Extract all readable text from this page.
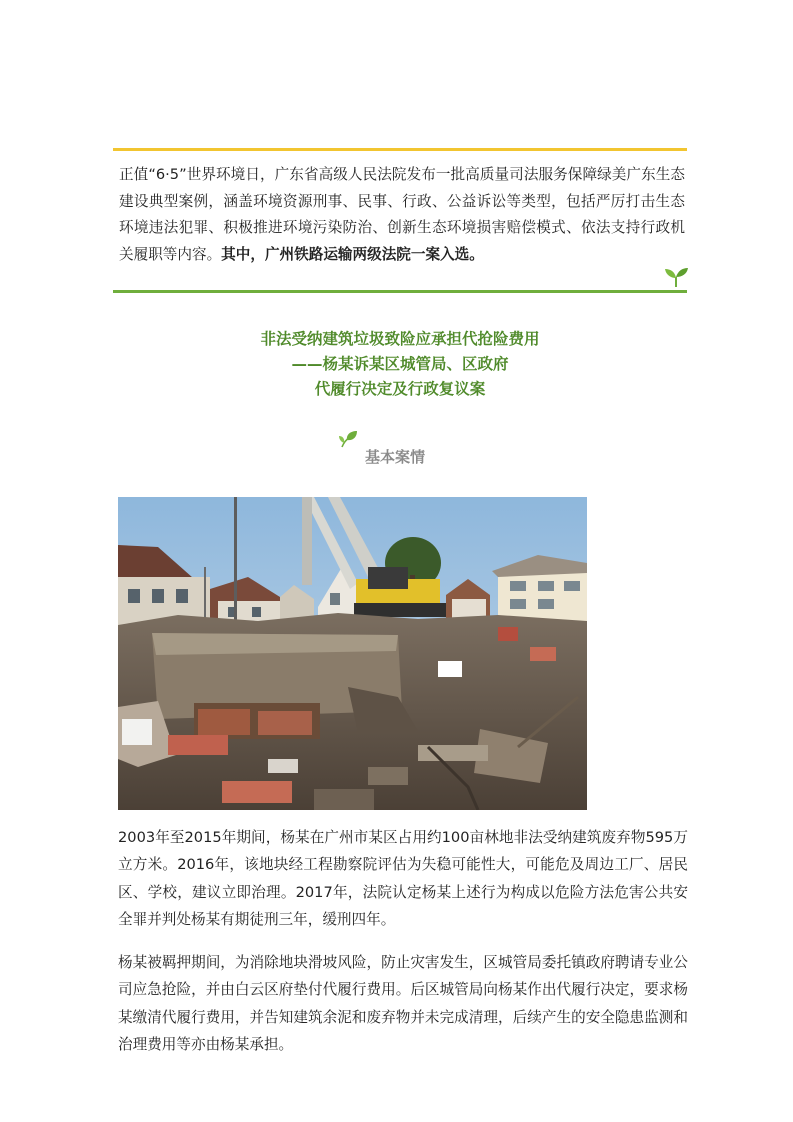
正值“6·5”世界环境日，广东省高级人民法院发布一批高质量司法服务保障绿美广东生态建设典型案例，涵盖环境资源刑事、民事、行政、公益诉讼等类型，包括严厉打击生态环境违法犯罪、积极推进环境污染防治、创新生态环境损害赔偿模式、依法支持行政机关履职等内容。其中，广州铁路运输两级法院一案入选。

非法受纳建筑垃圾致险应承担代抢险费用
——杨某诉某区城管局、区政府
代履行决定及行政复议案
基本案情

2003年至2015年期间，杨某在广州市某区占用约100亩林地非法受纳建筑废弃物595万立方米。2016年，该地块经工程勘察院评估为失稳可能性大，可能危及周边工厂、居民区、学校，建议立即治理。2017年，法院认定杨某上述行为构成以危险方法危害公共安全罪并判处杨某有期徒刑三年，缓刑四年。

杨某被羁押期间，为消除地块滑坡风险，防止灾害发生，区城管局委托镇政府聘请专业公司应急抢险，并由白云区府垫付代履行费用。后区城管局向杨某作出代履行决定，要求杨某缴清代履行费用，并告知建筑余泥和废弃物并未完成清理，后续产生的安全隐患监测和治理费用等亦由杨某承担。
